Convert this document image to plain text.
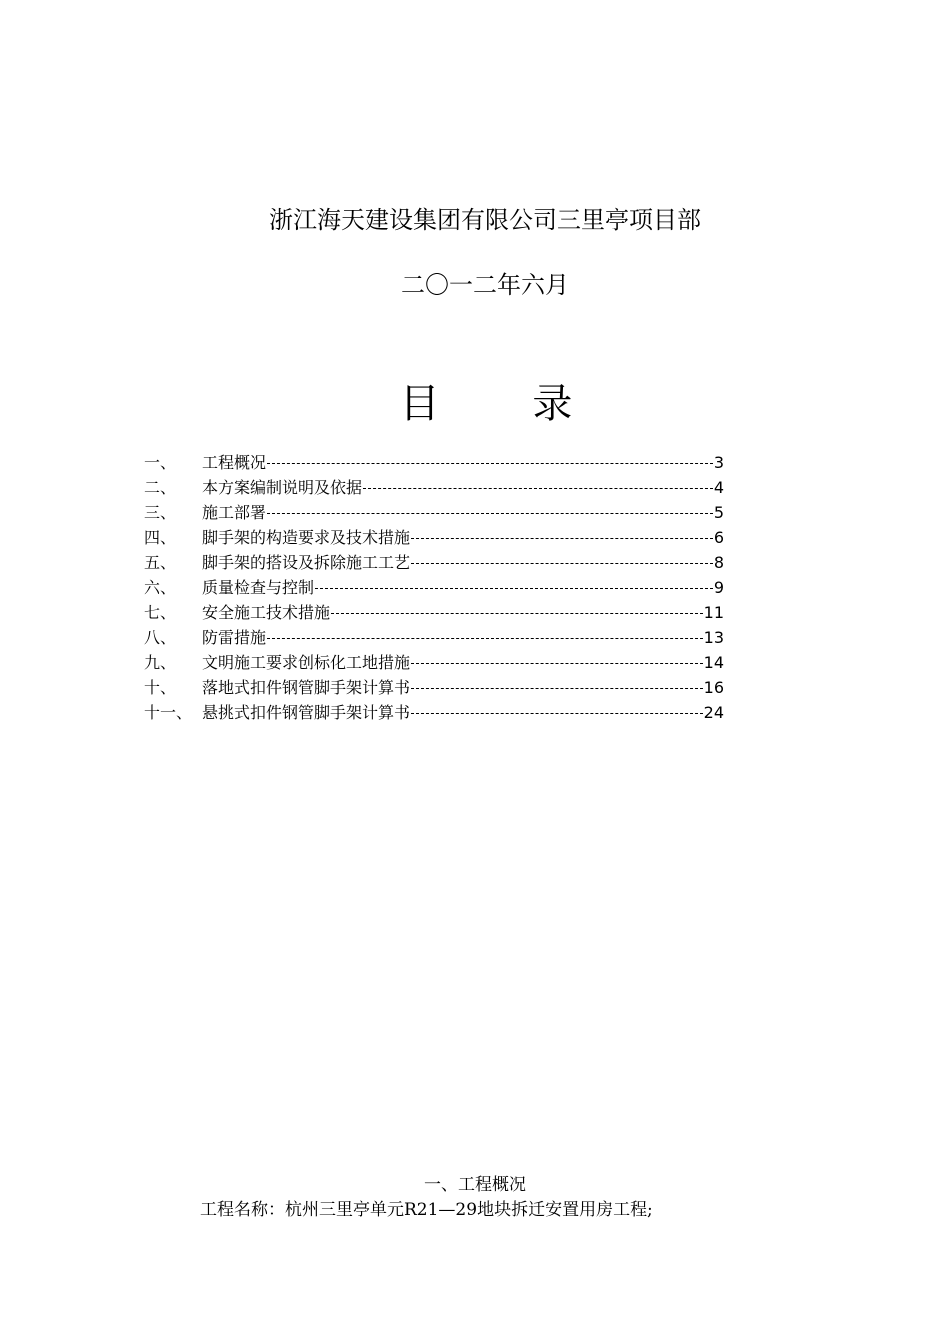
浙江海天建设集团有限公司三里亭项目部
二〇一二年六月
目 录
一、 工程概况	3
二、 本方案编制说明及依据	4
三、 施工部署	5
四、 脚手架的构造要求及技术措施	6
五、 脚手架的搭设及拆除施工工艺	8
六、 质量检查与控制	9
七、 安全施工技术措施	11
八、 防雷措施	13
九、 文明施工要求创标化工地措施	14
十、 落地式扣件钢管脚手架计算书	16
十一、 悬挑式扣件钢管脚手架计算书	24
一、工程概况
工程名称：杭州三里亭单元R21—29地块拆迁安置用房工程;
